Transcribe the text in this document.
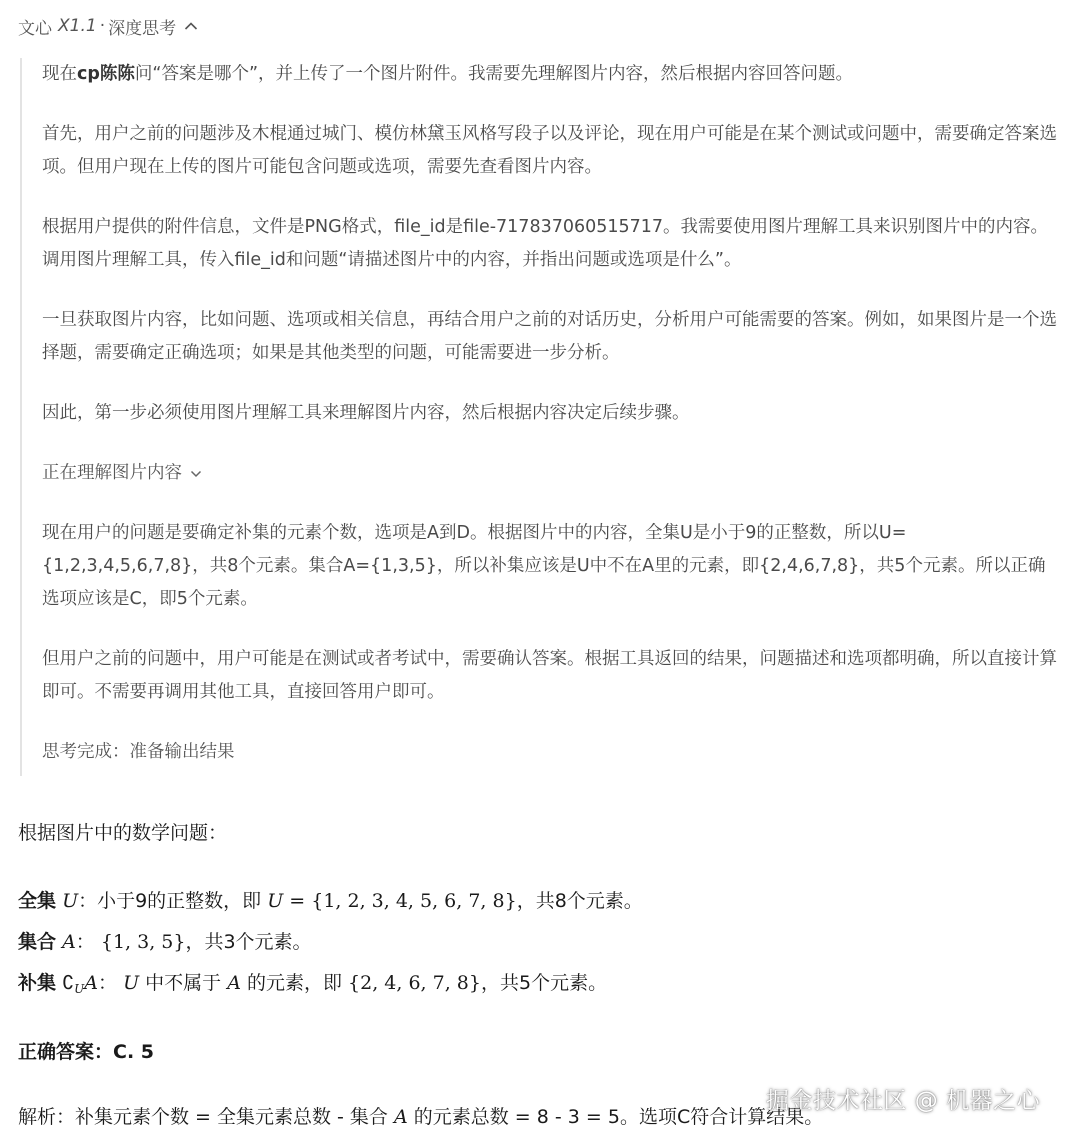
文心 X1.1 · 深度思考

现在cp陈陈问“答案是哪个”，并上传了一个图片附件。我需要先理解图片内容，然后根据内容回答问题。

首先，用户之前的问题涉及木棍通过城门、模仿林黛玉风格写段子以及评论，现在用户可能是在某个测试或问题中，需要确定答案选项。但用户现在上传的图片可能包含问题或选项，需要先查看图片内容。

根据用户提供的附件信息，文件是PNG格式，file_id是file-717837060515717。我需要使用图片理解工具来识别图片中的内容。调用图片理解工具，传入file_id和问题“请描述图片中的内容，并指出问题或选项是什么”。

一旦获取图片内容，比如问题、选项或相关信息，再结合用户之前的对话历史，分析用户可能需要的答案。例如，如果图片是一个选择题，需要确定正确选项；如果是其他类型的问题，可能需要进一步分析。

因此，第一步必须使用图片理解工具来理解图片内容，然后根据内容决定后续步骤。

正在理解图片内容

现在用户的问题是要确定补集的元素个数，选项是A到D。根据图片中的内容，全集U是小于9的正整数，所以U={1,2,3,4,5,6,7,8}，共8个元素。集合A={1,3,5}，所以补集应该是U中不在A里的元素，即{2,4,6,7,8}，共5个元素。所以正确选项应该是C，即5个元素。

但用户之前的问题中，用户可能是在测试或者考试中，需要确认答案。根据工具返回的结果，问题描述和选项都明确，所以直接计算即可。不需要再调用其他工具，直接回答用户即可。

思考完成：准备输出结果

根据图片中的数学问题：

全集 U：小于9的正整数，即 U = {1, 2, 3, 4, 5, 6, 7, 8}，共8个元素。

集合 A： {1, 3, 5}，共3个元素。

补集 $∁_UA$： U 中不属于 A 的元素，即 {2, 4, 6, 7, 8}，共5个元素。

正确答案：C. 5

解析：补集元素个数 = 全集元素总数 - 集合 A 的元素总数 = 8 - 3 = 5。选项C符合计算结果。

掘金技术社区 @ 机器之心
